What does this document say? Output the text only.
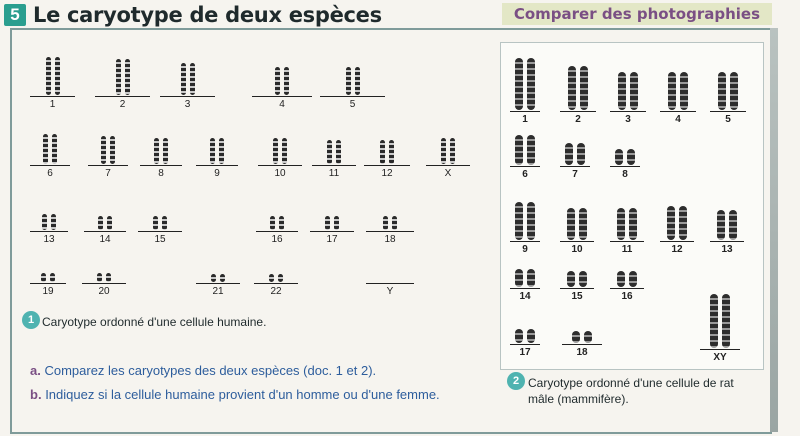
5 Le caryotype de deux espèces	Comparer des photographies
1	2	3	4	5
6	7	8	9	10	11	12	X
13	14	15	16	17	18
19	20	21	22	Y
1	2	3	4	5
6	7	8
9	10	11	12	13
14	15	16
17	18	XY
1 Caryotype ordonné d'une cellule humaine.
a. Comparez les caryotypes des deux espèces (doc. 1 et 2).
b. Indiquez si la cellule humaine provient d'un homme ou d'une femme.
2 Caryotype ordonné d'une cellule de rat
mâle (mammifère).
